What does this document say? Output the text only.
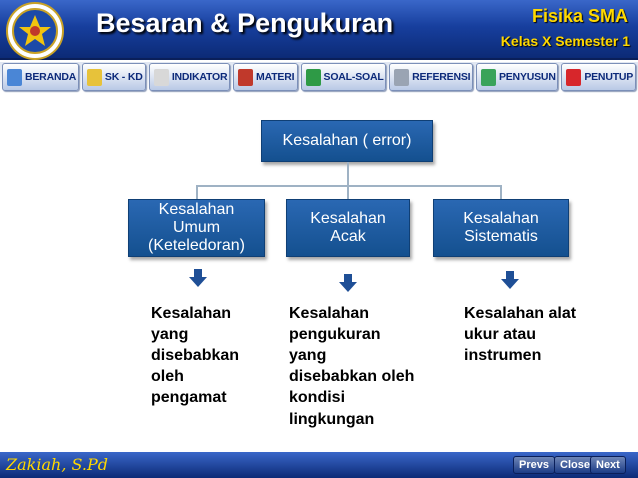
Besaran & Pengukuran	Fisika SMA
Kelas X Semester 1
BERANDA	SK - KD	INDIKATOR	MATERI	SOAL-SOAL	REFERENSI	PENYUSUN	PENUTUP
Kesalahan ( error)
Kesalahan
Umum
(Keteledoran)
Kesalahan
Acak
Kesalahan
Sistematis
Kesalahan
yang
disebabkan
oleh
pengamat
Kesalahan
pengukuran
yang
disebabkan oleh
kondisi
lingkungan
Kesalahan alat
ukur atau
instrumen
Zakiah, S.Pd	Prevs	Close Next
